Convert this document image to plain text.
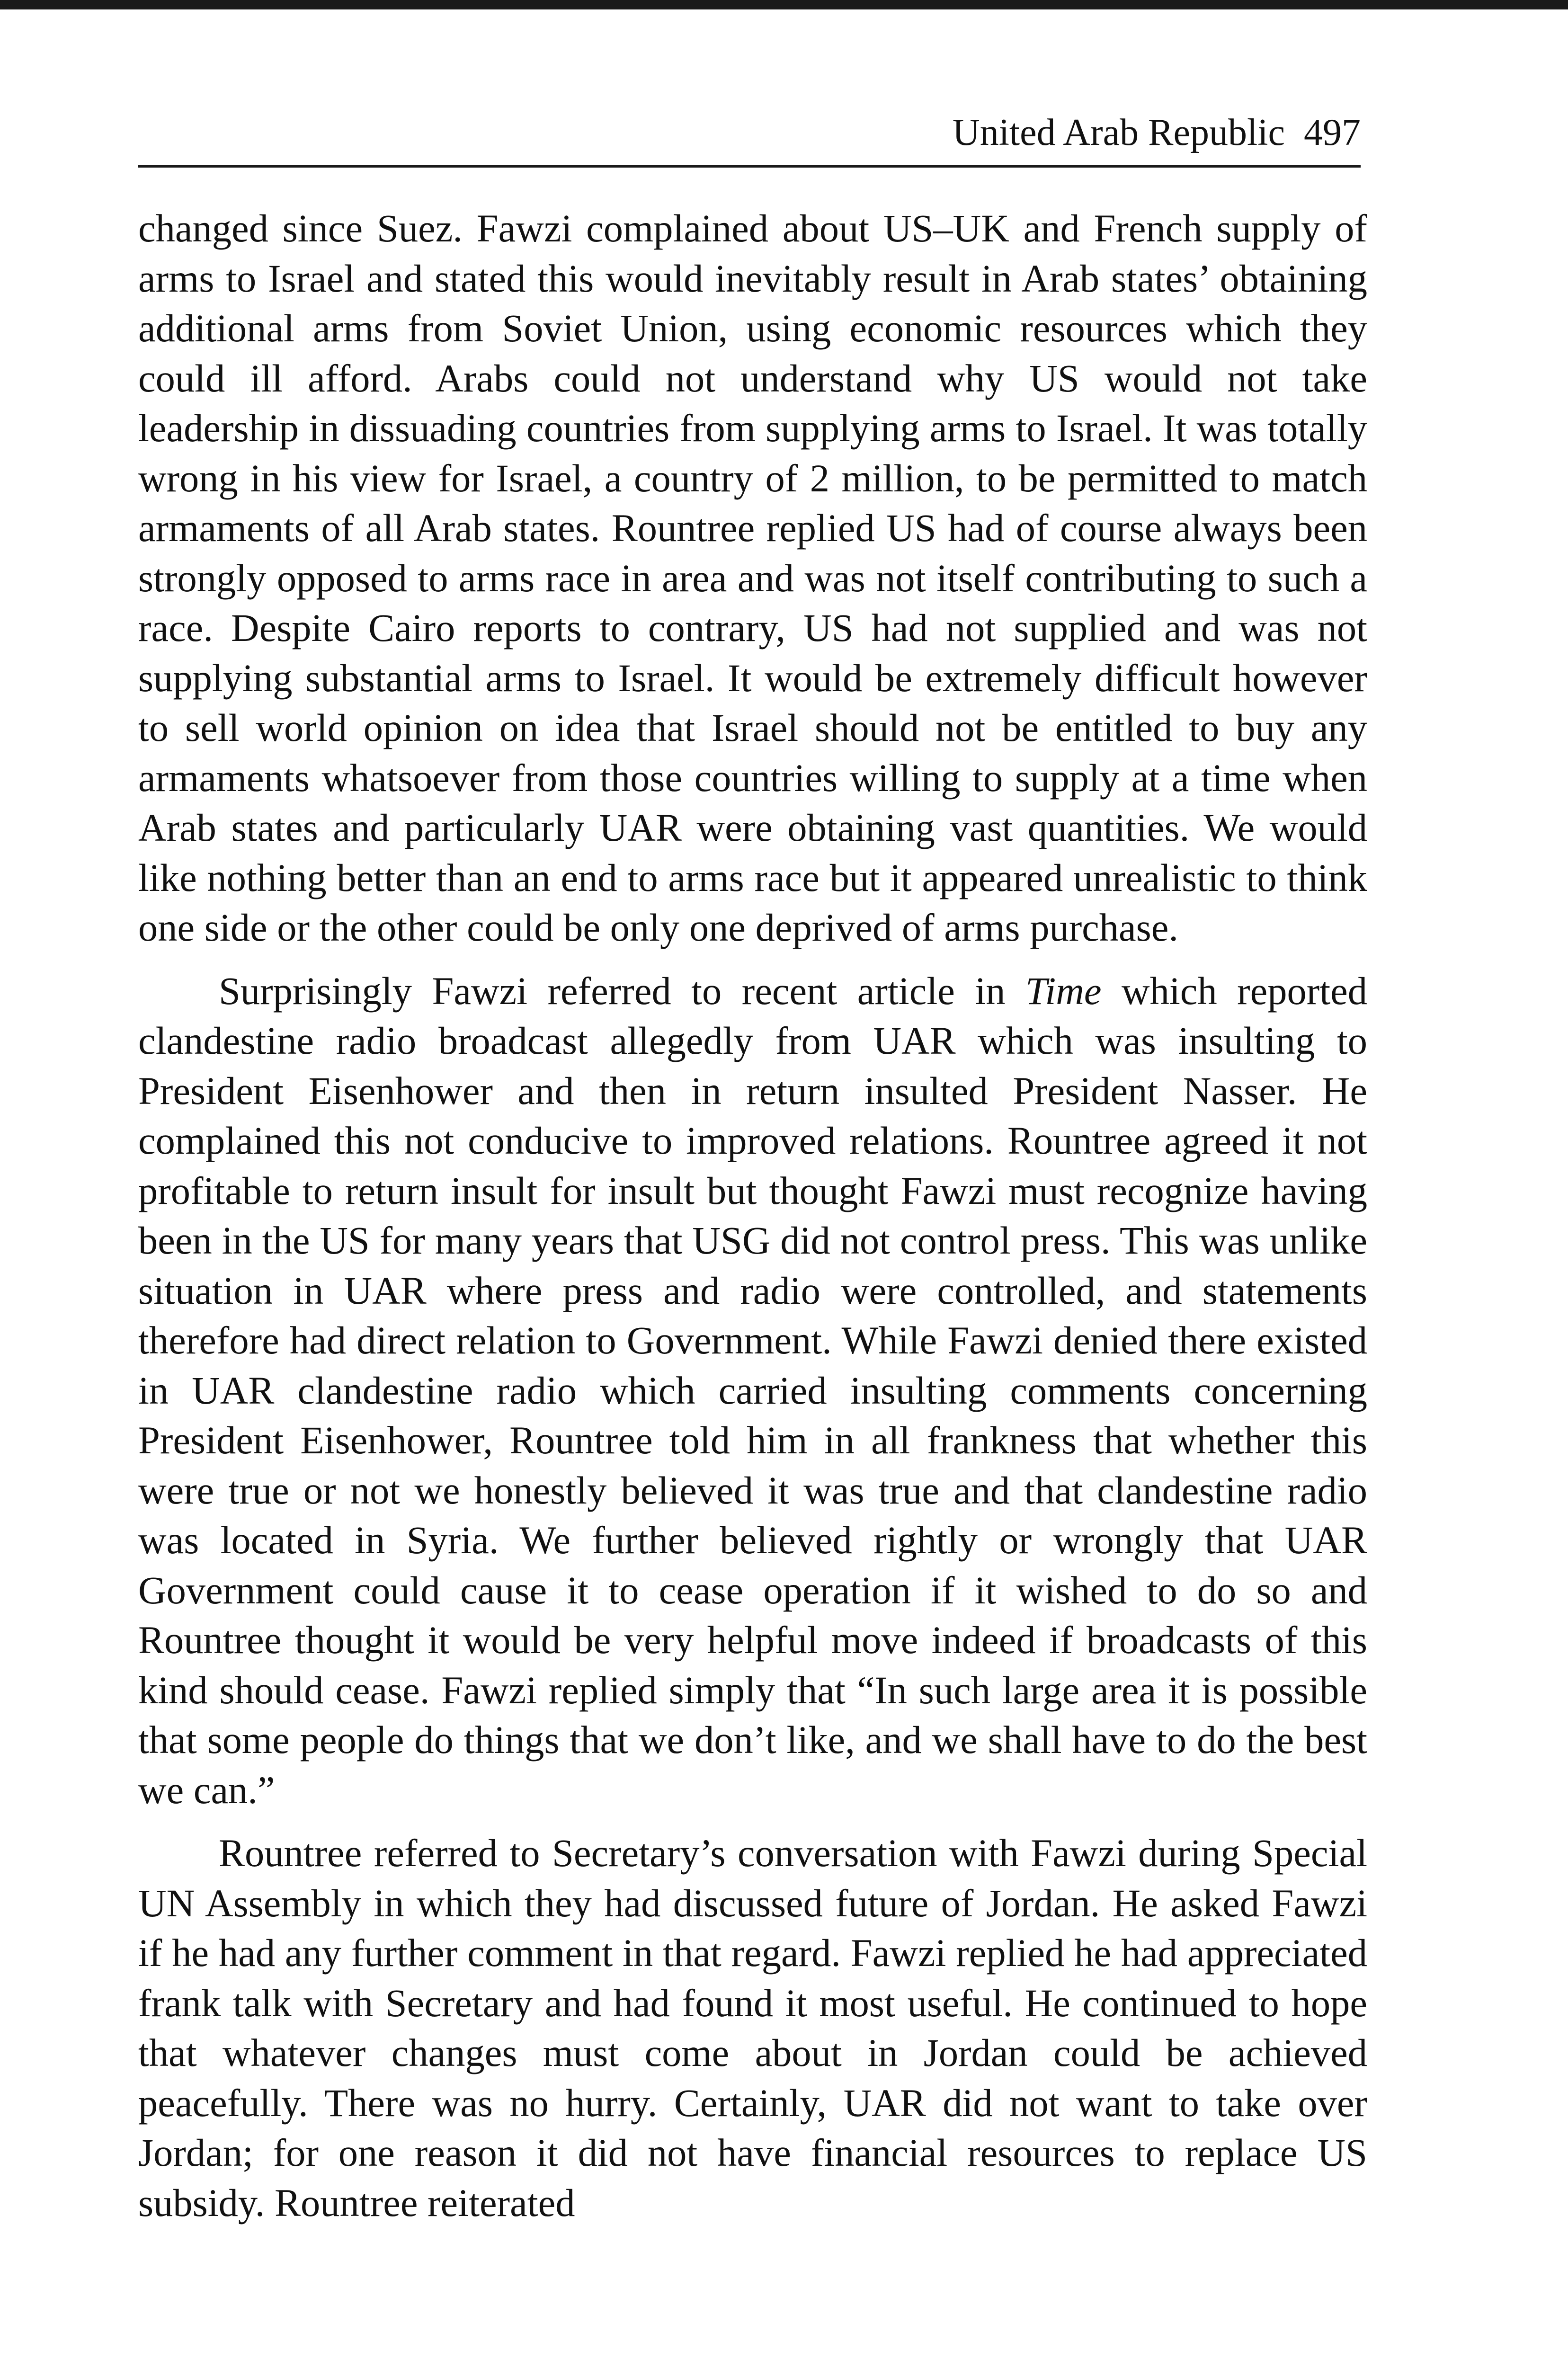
United Arab Republic 497

changed since Suez. Fawzi complained about US–UK and French supply of arms to Israel and stated this would inevitably result in Arab states’ obtaining additional arms from Soviet Union, using economic resources which they could ill afford. Arabs could not understand why US would not take leadership in dissuading countries from supplying arms to Israel. It was totally wrong in his view for Israel, a country of 2 million, to be permitted to match armaments of all Arab states. Rountree replied US had of course always been strongly opposed to arms race in area and was not itself contributing to such a race. Despite Cairo reports to contrary, US had not supplied and was not supplying substantial arms to Israel. It would be extremely difficult however to sell world opinion on idea that Israel should not be entitled to buy any armaments whatsoever from those countries willing to supply at a time when Arab states and particularly UAR were obtaining vast quantities. We would like nothing better than an end to arms race but it appeared unrealistic to think one side or the other could be only one deprived of arms purchase.

Surprisingly Fawzi referred to recent article in Time which reported clandestine radio broadcast allegedly from UAR which was insulting to President Eisenhower and then in return insulted President Nasser. He complained this not conducive to improved relations. Rountree agreed it not profitable to return insult for insult but thought Fawzi must recognize having been in the US for many years that USG did not control press. This was unlike situation in UAR where press and radio were controlled, and statements therefore had direct relation to Government. While Fawzi denied there existed in UAR clandestine radio which carried insulting comments concerning President Eisenhower, Rountree told him in all frankness that whether this were true or not we honestly believed it was true and that clandestine radio was located in Syria. We further believed rightly or wrongly that UAR Government could cause it to cease operation if it wished to do so and Rountree thought it would be very helpful move indeed if broadcasts of this kind should cease. Fawzi replied simply that “In such large area it is possible that some people do things that we don’t like, and we shall have to do the best we can.”

Rountree referred to Secretary’s conversation with Fawzi during Special UN Assembly in which they had discussed future of Jordan. He asked Fawzi if he had any further comment in that regard. Fawzi replied he had appreciated frank talk with Secretary and had found it most useful. He continued to hope that whatever changes must come about in Jordan could be achieved peacefully. There was no hurry. Certainly, UAR did not want to take over Jordan; for one reason it did not have financial resources to replace US subsidy. Rountree reiterated
